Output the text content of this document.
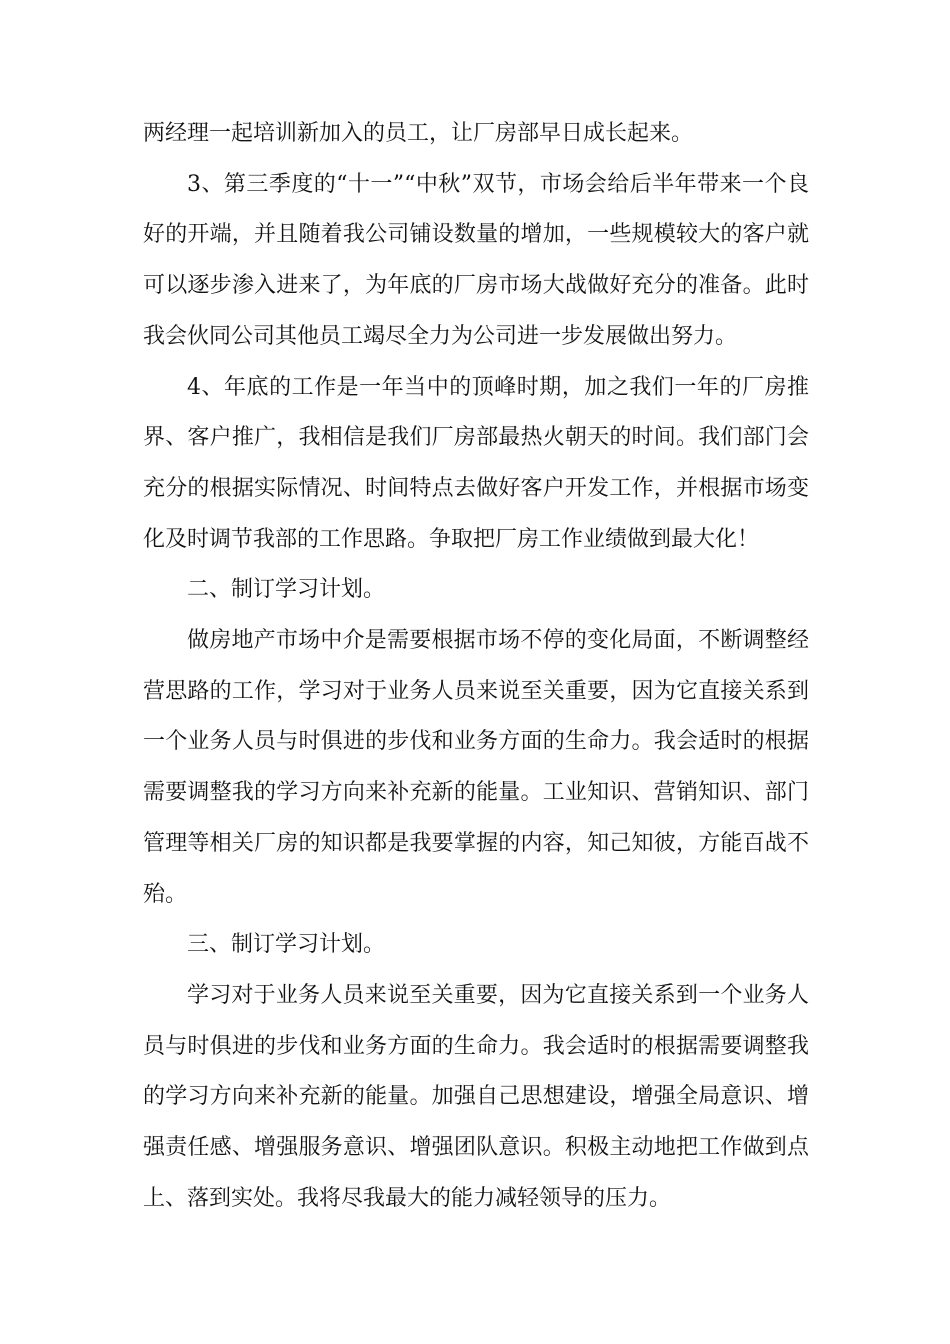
两经理一起培训新加入的员工，让厂房部早日成长起来。

3、第三季度的“十一”“中秋”双节，市场会给后半年带来一个良好的开端，并且随着我公司铺设数量的增加，一些规模较大的客户就可以逐步渗入进来了，为年底的厂房市场大战做好充分的准备。此时我会伙同公司其他员工竭尽全力为公司进一步发展做出努力。

4、年底的工作是一年当中的顶峰时期，加之我们一年的厂房推界、客户推广，我相信是我们厂房部最热火朝天的时间。我们部门会充分的根据实际情况、时间特点去做好客户开发工作，并根据市场变化及时调节我部的工作思路。争取把厂房工作业绩做到最大化！

二、制订学习计划。

做房地产市场中介是需要根据市场不停的变化局面，不断调整经营思路的工作，学习对于业务人员来说至关重要，因为它直接关系到一个业务人员与时俱进的步伐和业务方面的生命力。我会适时的根据需要调整我的学习方向来补充新的能量。工业知识、营销知识、部门管理等相关厂房的知识都是我要掌握的内容，知己知彼，方能百战不殆。

三、制订学习计划。

学习对于业务人员来说至关重要，因为它直接关系到一个业务人员与时俱进的步伐和业务方面的生命力。我会适时的根据需要调整我的学习方向来补充新的能量。加强自己思想建设，增强全局意识、增强责任感、增强服务意识、增强团队意识。积极主动地把工作做到点上、落到实处。我将尽我最大的能力减轻领导的压力。
